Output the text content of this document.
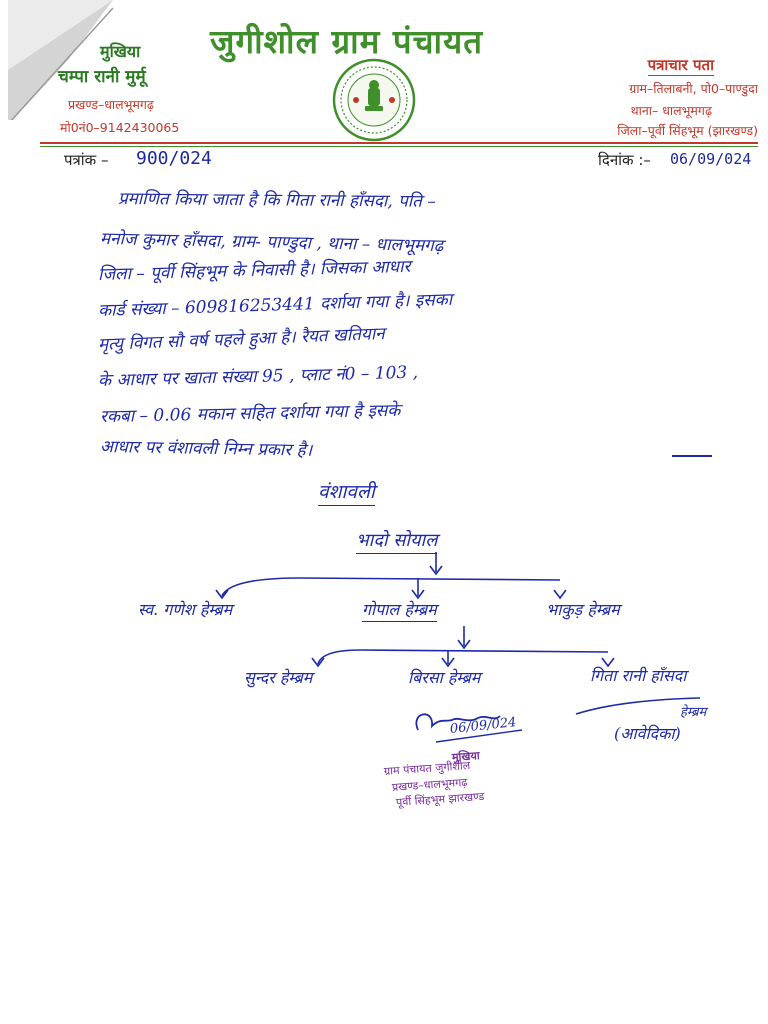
जुगीशोल ग्राम पंचायत
मुखिया
चम्पा रानी मुर्मू
प्रखण्ड–धालभूमगढ़
मो0नं0–9142430065
पत्राचार पता
ग्राम–तिलाबनी, पो0–पाण्डुदा
थाना– धालभूमगढ़
जिला–पूर्वी सिंहभूम (झारखण्ड)
पत्रांक – 900/024	दिनांक :– 06/09/024
प्रमाणित किया जाता है कि गिता रानी हाँसदा, पति –
मनोज कुमार हाँसदा, ग्राम- पाण्डुदा , थाना – धालभूमगढ़
जिला – पूर्वी सिंहभूम के निवासी है। जिसका आधार
कार्ड संख्या – 609816253441 दर्शाया गया है। इसका
मृत्यु विगत सौ वर्ष पहले हुआ है। रैयत खतियान
के आधार पर खाता संख्या 95 , प्लाट नं0 – 103 ,
रकबा – 0.06 मकान सहित दर्शाया गया है इसके
आधार पर वंशावली निम्न प्रकार है।
वंशावली
भादो सोयाल
स्व. गणेश हेम्ब्रम	गोपाल हेम्ब्रम	भाकुड़ हेम्ब्रम
सुन्दर हेम्ब्रम	बिरसा हेम्ब्रम	गिता रानी हाँसदा
हेम्ब्रम
(आवेदिका)
06/09/024
मुखिया
ग्राम पंचायत जुगीशोल
प्रखण्ड–धालभूमगढ़
पूर्वी सिंहभूम झारखण्ड
